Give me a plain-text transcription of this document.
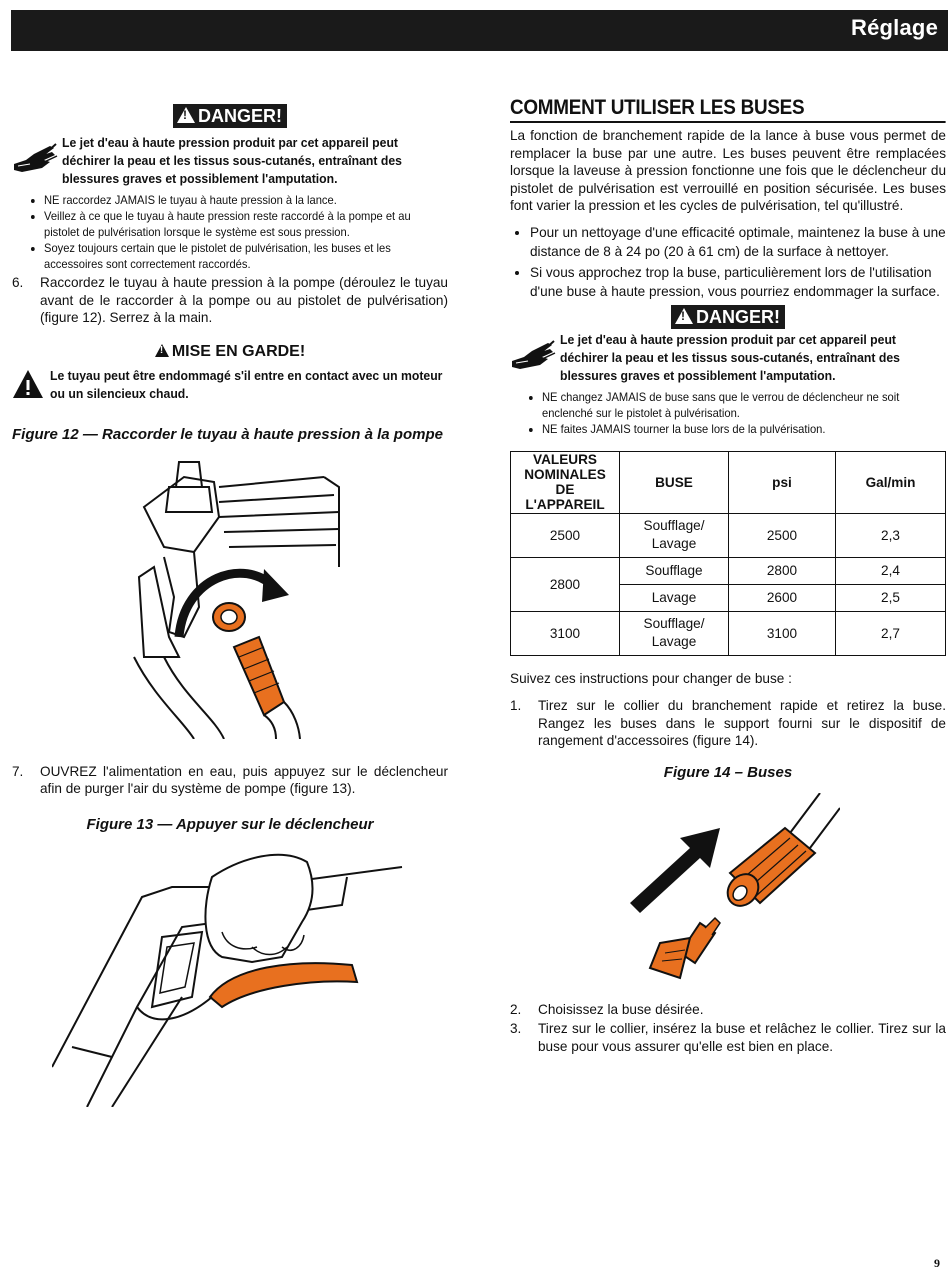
Réglage
!DANGER!
Le jet d'eau à haute pression produit par cet appareil peut déchirer la peau et les tissus sous-cutanés, entraînant des blessures graves et possiblement l'amputation.
• NE raccordez JAMAIS le tuyau à haute pression à la lance.
• Veillez à ce que le tuyau à haute pression reste raccordé à la pompe et au pistolet de pulvérisation lorsque le système est sous pression.
• Soyez toujours certain que le pistolet de pulvérisation, les buses et les accessoires sont correctement raccordés.
6.	Raccordez le tuyau à haute pression à la pompe (déroulez le tuyau avant de le raccorder à la pompe ou au pistolet de pulvérisation) (figure 12). Serrez à la main.
!MISE EN GARDE!
Le tuyau peut être endommagé s'il entre en contact avec un moteur ou un silencieux chaud.
Figure 12 — Raccorder le tuyau à haute pression à la pompe
7.	OUVREZ l'alimentation en eau, puis appuyez sur le déclencheur afin de purger l'air du système de pompe (figure 13).
Figure 13 — Appuyer sur le déclencheur
COMMENT UTILISER LES BUSES
La fonction de branchement rapide de la lance à buse vous permet de remplacer la buse par une autre. Les buses peuvent être remplacées lorsque la laveuse à pression fonctionne une fois que le déclencheur du pistolet de pulvérisation est verrouillé en position sécurisée. Les buses font varier la pression et les cycles de pulvérisation, tel qu'illustré.
• Pour un nettoyage d'une efficacité optimale, maintenez la buse à une distance de 8 à 24 po (20 à 61 cm) de la surface à nettoyer.
• Si vous approchez trop la buse, particulièrement lors de l'utilisation d'une buse à haute pression, vous pourriez endommager la surface.
!DANGER!
Le jet d'eau à haute pression produit par cet appareil peut déchirer la peau et les tissus sous-cutanés, entraînant des blessures graves et possiblement l'amputation.
• NE changez JAMAIS de buse sans que le verrou de déclencheur ne soit enclenché sur le pistolet à pulvérisation.
• NE faites JAMAIS tourner la buse lors de la pulvérisation.
VALEURS NOMINALES DE L'APPAREIL	BUSE	psi	Gal/min
2500	Soufflage/ Lavage	2500	2,3
2800	Soufflage	2800	2,4
	Lavage	2600	2,5
3100	Soufflage/ Lavage	3100	2,7
Suivez ces instructions pour changer de buse :
1.	Tirez sur le collier du branchement rapide et retirez la buse. Rangez les buses dans le support fourni sur le dispositif de rangement d'accessoires (figure 14).
Figure 14 – Buses
2.	Choisissez la buse désirée.
3.	Tirez sur le collier, insérez la buse et relâchez le collier. Tirez sur la buse pour vous assurer qu'elle est bien en place.
9
